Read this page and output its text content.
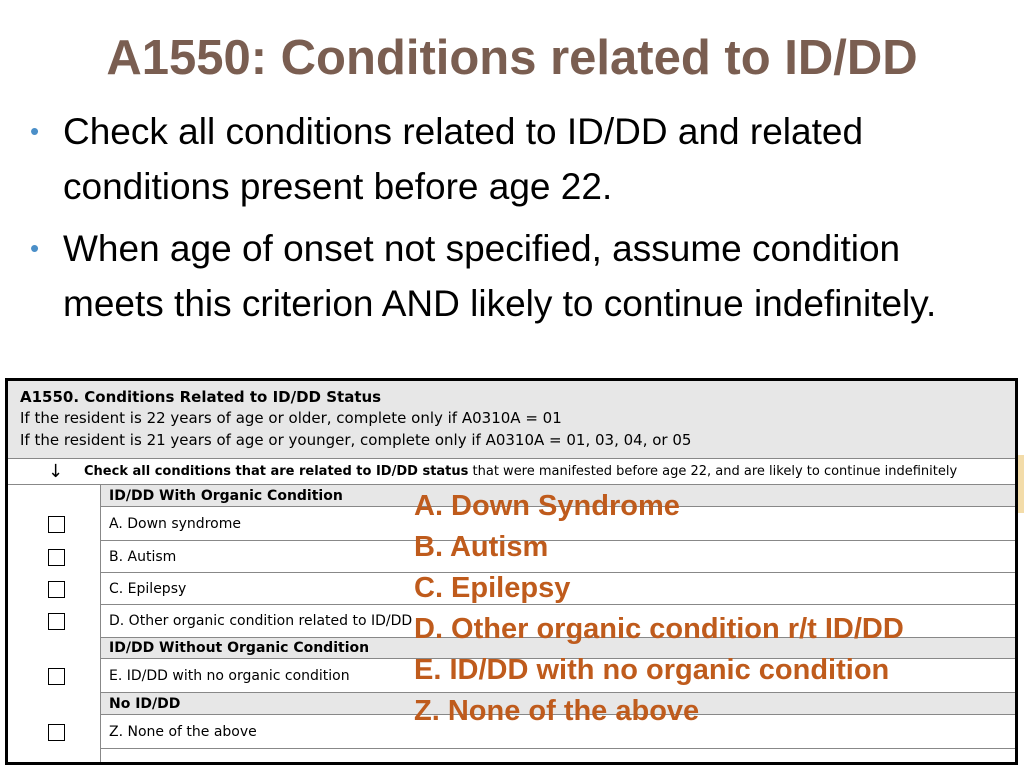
A1550: Conditions related to ID/DD
• Check all conditions related to ID/DD and related conditions present before age 22.
• When age of onset not specified, assume condition meets this criterion AND likely to continue indefinitely.
A1550. Conditions Related to ID/DD Status
If the resident is 22 years of age or older, complete only if A0310A = 01
If the resident is 21 years of age or younger, complete only if A0310A = 01, 03, 04, or 05
↓ Check all conditions that are related to ID/DD status that were manifested before age 22, and are likely to continue indefinitely
ID/DD With Organic Condition
A. Down syndrome
B. Autism
C. Epilepsy
D. Other organic condition related to ID/DD
ID/DD Without Organic Condition
E. ID/DD with no organic condition
No ID/DD
Z. None of the above
A. Down Syndrome
B. Autism
C. Epilepsy
D. Other organic condition r/t ID/DD
E. ID/DD with no organic condition
Z. None of the above
